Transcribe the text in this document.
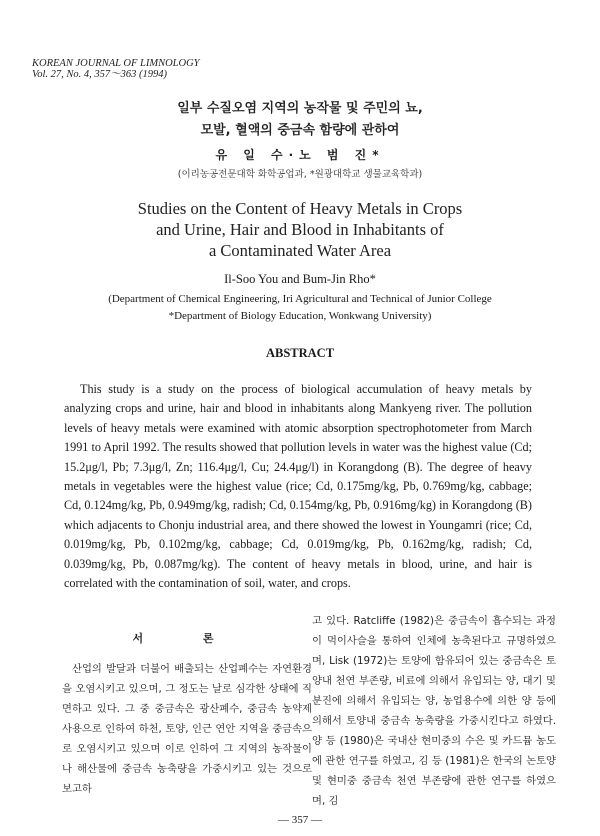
KOREAN JOURNAL OF LIMNOLOGY
Vol. 27, No. 4, 357～363 (1994)
일부 수질오염 지역의 농작물 및 주민의 뇨,
모발, 혈액의 중금속 함량에 관하여
유 일 수·노 범 진*
(이리농공전문대학 화학공업과, *원광대학교 생물교육학과)
Studies on the Content of Heavy Metals in Crops
and Urine, Hair and Blood in Inhabitants of
a Contaminated Water Area
Il-Soo You and Bum-Jin Rho*
(Department of Chemical Engineering, Iri Agricultural and Technical of Junior College
*Department of Biology Education, Wonkwang University)
ABSTRACT

This study is a study on the process of biological accumulation of heavy metals by analyzing crops and urine, hair and blood in inhabitants along Mankyeng river. The pollution levels of heavy metals were examined with atomic absorption spectrophotometer from March 1991 to April 1992. The results showed that pollution levels in water was the highest value (Cd; 15.2μg/l, Pb; 7.3μg/l, Zn; 116.4μg/l, Cu; 24.4μg/l) in Korangdong (B). The degree of heavy metals in vegetables were the highest value (rice; Cd, 0.175mg/kg, Pb, 0.769mg/kg, cabbage; Cd, 0.124mg/kg, Pb, 0.949mg/kg, radish; Cd, 0.154mg/kg, Pb, 0.916mg/kg) in Korangdong (B) which adjacents to Chonju industrial area, and there showed the lowest in Youngamri (rice; Cd, 0.019mg/kg, Pb, 0.102mg/kg, cabbage; Cd, 0.019mg/kg, Pb, 0.162mg/kg, radish; Cd, 0.039mg/kg, Pb, 0.087mg/kg). The content of heavy metals in blood, urine, and hair is correlated with the contamination of soil, water, and crops.

서 론

산업의 발달과 더불어 배출되는 산업폐수는 자연환경을 오염시키고 있으며, 그 정도는 날로 심각한 상태에 직면하고 있다. 그 중 중금속은 광산폐수, 중금속 농약제 사용으로 인하여 하천, 토양, 인근 연안 지역을 중금속으로 오염시키고 있으며 이로 인하여 그 지역의 농작물이나 해산물에 중금속 농축량을 가중시키고 있는 것으로 보고하

고 있다. Ratcliffe (1982)은 중금속이 흡수되는 과정이 먹이사슬을 통하여 인체에 농축된다고 규명하였으며, Lisk (1972)는 토양에 함유되어 있는 중금속은 토양내 천연 부존량, 비료에 의해서 유입되는 양, 대기 및 분진에 의해서 유입되는 양, 농업용수에 의한 양 등에 의해서 토양내 중금속 농축량을 가중시킨다고 하였다. 양 등 (1980)은 국내산 현미중의 수은 및 카드뮴 농도에 관한 연구를 하였고, 김 등 (1981)은 한국의 논토양 및 현미중 중금속 천연 부존량에 관한 연구를 하였으며, 김

— 357 —
